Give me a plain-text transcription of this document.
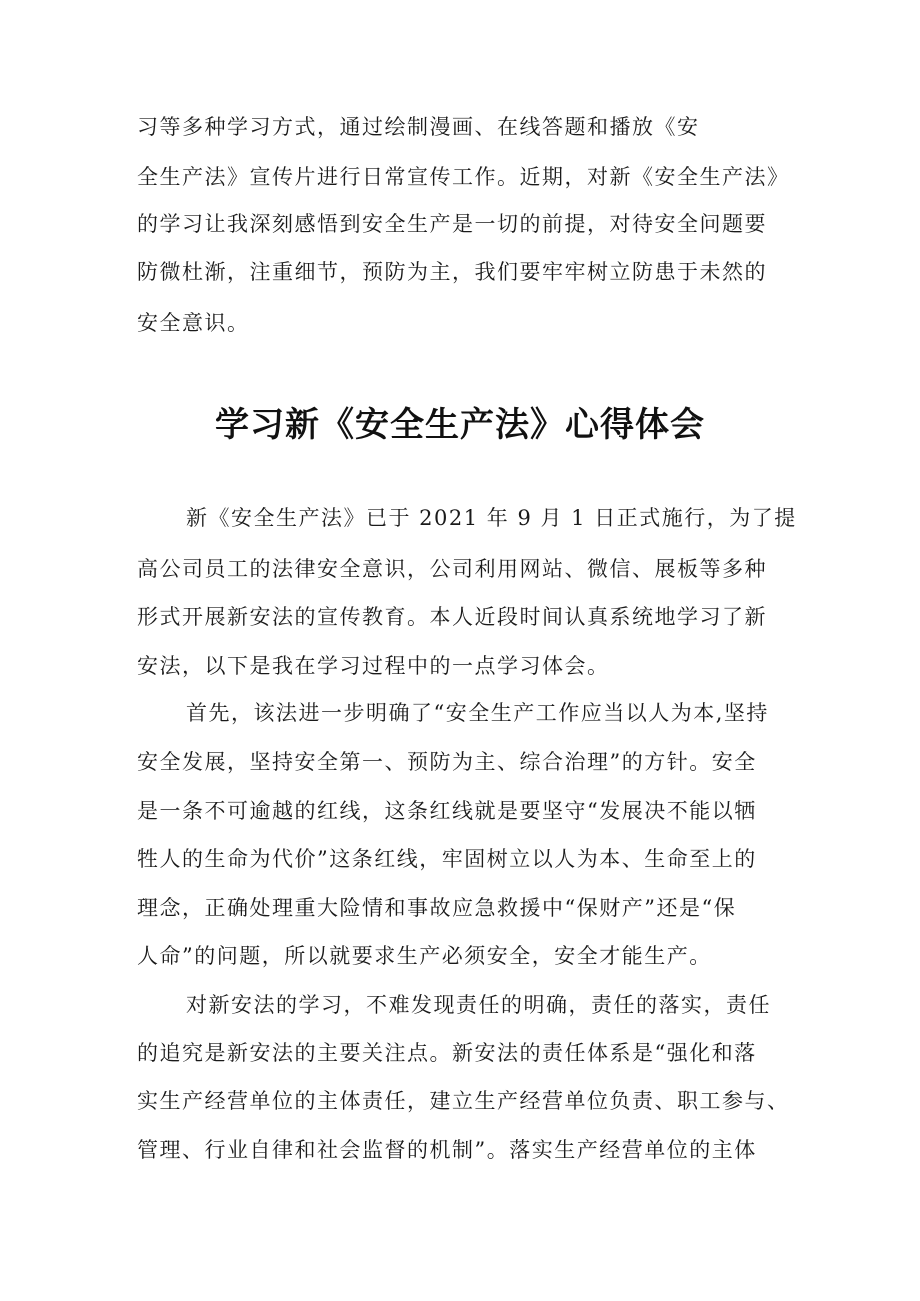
习等多种学习方式，通过绘制漫画、在线答题和播放《安
全生产法》宣传片进行日常宣传工作。近期，对新《安全生产法》
的学习让我深刻感悟到安全生产是一切的前提，对待安全问题要
防微杜渐，注重细节，预防为主，我们要牢牢树立防患于未然的
安全意识。
学习新《安全生产法》心得体会
新《安全生产法》已于 2021 年 9 月 1 日正式施行，为了提
高公司员工的法律安全意识，公司利用网站、微信、展板等多种
形式开展新安法的宣传教育。本人近段时间认真系统地学习了新
安法，以下是我在学习过程中的一点学习体会。
首先，该法进一步明确了“安全生产工作应当以人为本,坚持
安全发展，坚持安全第一、预防为主、综合治理”的方针。安全
是一条不可逾越的红线，这条红线就是要坚守“发展决不能以牺
牲人的生命为代价”这条红线，牢固树立以人为本、生命至上的
理念，正确处理重大险情和事故应急救援中“保财产”还是“保
人命”的问题，所以就要求生产必须安全，安全才能生产。
对新安法的学习，不难发现责任的明确，责任的落实，责任
的追究是新安法的主要关注点。新安法的责任体系是“强化和落
实生产经营单位的主体责任，建立生产经营单位负责、职工参与、
管理、行业自律和社会监督的机制”。落实生产经营单位的主体
